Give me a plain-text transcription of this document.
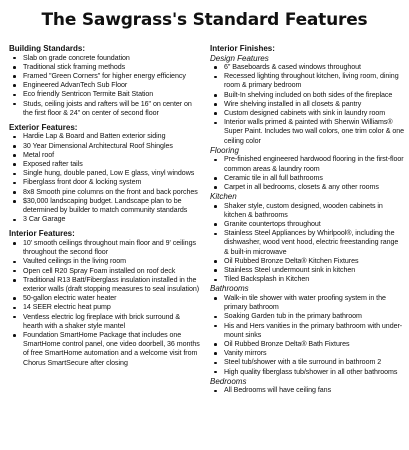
The Sawgrass's Standard Features

Building Standards:

Slab on grade concrete foundation
Traditional stick framing methods
Framed "Green Corners" for higher energy efficiency
Engineered AdvanTech Sub Floor
Eco friendly Sentricon Termite Bait Station
Studs, ceiling joists and rafters will be 16" on center on the first floor & 24" on center of second floor

Exterior Features:

Hardie Lap & Board and Batten exterior siding
30 Year Dimensional Architectural Roof Shingles
Metal roof
Exposed rafter tails
Single hung, double paned, Low E glass, vinyl windows
Fiberglass front door & locking system
8x8 Smooth pine columns on the front and back porches
$30,000 landscaping budget. Landscape plan to be determined by builder to match community standards
3 Car Garage

Interior Features:

10' smooth ceilings throughout main floor and 9' ceilings throughout the second floor
Vaulted ceilings in the living room
Open cell R20 Spray Foam installed on roof deck
Traditional R13 Batt/Fiberglass insulation installed in the exterior walls (draft stopping measures to seal insulation)
50-gallon electric water heater
14 SEER electric heat pump
Ventless electric log fireplace with brick surround & hearth with a shaker style mantel
Foundation SmartHome Package that includes one SmartHome control panel, one video doorbell, 36 months of free SmartHome automation and a welcome visit from Chorus SmartSecure after closing

Interior Finishes:

Design Features

6" Baseboards & cased windows throughout
Recessed lighting throughout kitchen, living room, dining room & primary bedroom
Built-In shelving included on both sides of the fireplace
Wire shelving installed in all closets & pantry
Custom designed cabinets with sink in laundry room
Interior walls primed & painted with Sherwin Williams® Super Paint. Includes two wall colors, one trim color & one ceiling color

Flooring

Pre-finished engineered hardwood flooring in the first-floor common areas & laundry room
Ceramic tile in all full bathrooms
Carpet in all bedrooms, closets & any other rooms

Kitchen

Shaker style, custom designed, wooden cabinets in kitchen & bathrooms
Granite countertops throughout
Stainless Steel Appliances by Whirlpool®, including the dishwasher, wood vent hood, electric freestanding range & built-in microwave
Oil Rubbed Bronze Delta® Kitchen Fixtures
Stainless Steel undermount sink in kitchen
Tiled Backsplash in Kitchen

Bathrooms

Walk-in tile shower with water proofing system in the primary bathroom
Soaking Garden tub in the primary bathroom
His and Hers vanities in the primary bathroom with under-mount sinks
Oil Rubbed Bronze Delta® Bath Fixtures
Vanity mirrors
Steel tub/shower with a tile surround in bathroom 2
High quality fiberglass tub/shower in all other bathrooms

Bedrooms

All Bedrooms will have ceiling fans
